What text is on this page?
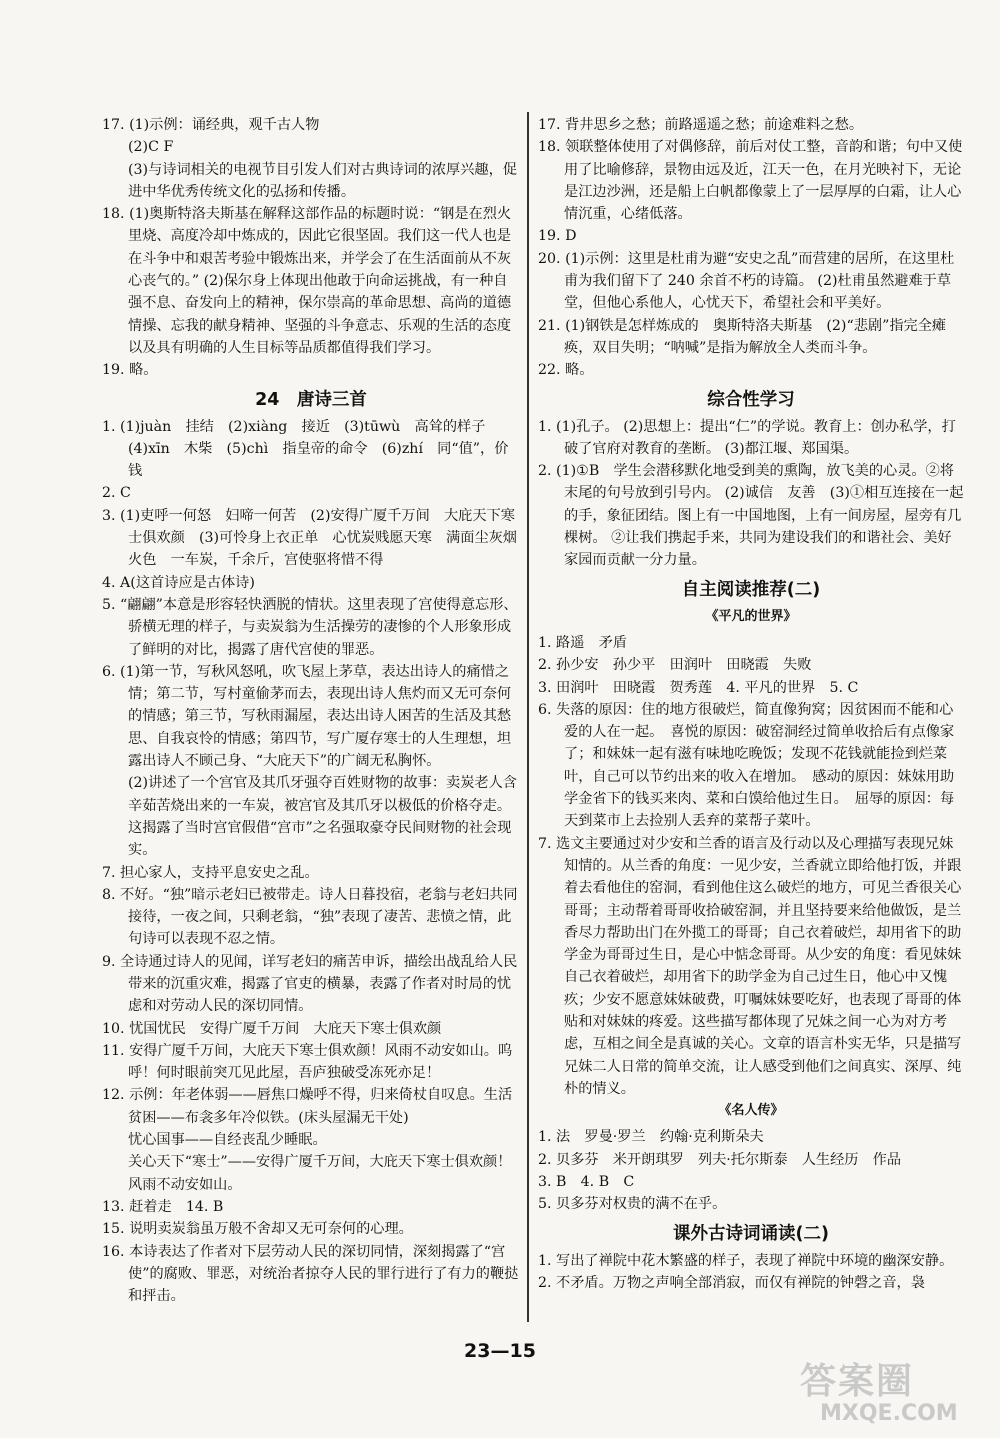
17. (1)示例：诵经典，观千古人物
(2)C F
(3)与诗词相关的电视节目引发人们对古典诗词的浓厚兴趣，促进中华优秀传统文化的弘扬和传播。
18. (1)奥斯特洛夫斯基在解释这部作品的标题时说：“钢是在烈火里烧、高度冷却中炼成的，因此它很坚固。我们这一代人也是在斗争中和艰苦考验中锻炼出来，并学会了在生活面前从不灰心丧气的。” (2)保尔身上体现出他敢于向命运挑战，有一种自强不息、奋发向上的精神，保尔崇高的革命思想、高尚的道德情操、忘我的献身精神、坚强的斗争意志、乐观的生活的态度以及具有明确的人生目标等品质都值得我们学习。
19. 略。
24　唐诗三首
1. (1)juàn　挂结　(2)xiàng　接近　(3)tūwù　高耸的样子　(4)xīn　木柴　(5)chì　指皇帝的命令　(6)zhí　同“值”，价钱
2. C
3. (1)吏呼一何怒　妇啼一何苦　(2)安得广厦千万间　大庇天下寒士俱欢颜　(3)可怜身上衣正单　心忧炭贱愿天寒　满面尘灰烟火色　一车炭，千余斤，宫使驱将惜不得
4. A(这首诗应是古体诗)
5. “翩翩”本意是形容轻快洒脱的情状。这里表现了宫使得意忘形、骄横无理的样子，与卖炭翁为生活操劳的凄惨的个人形象形成了鲜明的对比，揭露了唐代宫使的罪恶。
6. (1)第一节，写秋风怒吼，吹飞屋上茅草，表达出诗人的痛惜之情；第二节，写村童偷茅而去，表现出诗人焦灼而又无可奈何的情感；第三节，写秋雨漏屋，表达出诗人困苦的生活及其愁思、自我哀怜的情感；第四节，写广厦存寒士的人生理想，坦露出诗人不顾己身、“大庇天下”的广阔无私胸怀。
(2)讲述了一个宫官及其爪牙强夺百姓财物的故事：卖炭老人含辛茹苦烧出来的一车炭，被宫官及其爪牙以极低的价格夺走。　这揭露了当时宫官假借“宫市”之名强取豪夺民间财物的社会现实。
7. 担心家人，支持平息安史之乱。
8. 不好。“独”暗示老妇已被带走。诗人日暮投宿，老翁与老妇共同接待，一夜之间，只剩老翁，“独”表现了凄苦、悲愤之情，此句诗可以表现不忍之情。
9. 全诗通过诗人的见闻，详写老妇的痛苦申诉，描绘出战乱给人民带来的沉重灾难，揭露了官吏的横暴，表露了作者对时局的忧虑和对劳动人民的深切同情。
10. 忧国忧民　安得广厦千万间　大庇天下寒士俱欢颜
11. 安得广厦千万间，大庇天下寒士俱欢颜！风雨不动安如山。呜呼！何时眼前突兀见此屋，吾庐独破受冻死亦足！
12. 示例：年老体弱——唇焦口燥呼不得，归来倚杖自叹息。生活贫困——布衾多年冷似铁。(床头屋漏无干处)
忧心国事——自经丧乱少睡眠。
关心天下“寒士”——安得广厦千万间，大庇天下寒士俱欢颜！风雨不动安如山。
13. 赶着走　14. B
15. 说明卖炭翁虽万般不舍却又无可奈何的心理。
16. 本诗表达了作者对下层劳动人民的深切同情，深刻揭露了“宫使”的腐败、罪恶，对统治者掠夺人民的罪行进行了有力的鞭挞和抨击。
17. 背井思乡之愁；前路遥遥之愁；前途难料之愁。
18. 领联整体使用了对偶修辞，前后对仗工整，音韵和谐；句中又使用了比喻修辞，景物由远及近，江天一色，在月光映衬下，无论是江边沙洲，还是船上白帆都像蒙上了一层厚厚的白霜，让人心情沉重，心绪低落。
19. D
20. (1)示例：这里是杜甫为避“安史之乱”而营建的居所，在这里杜甫为我们留下了 240 余首不朽的诗篇。 (2)杜甫虽然避难于草堂，但他心系他人，心忧天下，希望社会和平美好。
21. (1)钢铁是怎样炼成的　奥斯特洛夫斯基　(2)“悲剧”指完全瘫痪，双目失明；“呐喊”是指为解放全人类而斗争。
22. 略。
综合性学习
1. (1)孔子。 (2)思想上：提出“仁”的学说。教育上：创办私学，打破了官府对教育的垄断。 (3)都江堰、郑国渠。
2. (1)①B　学生会潜移默化地受到美的熏陶，放飞美的心灵。②将末尾的句号放到引号内。 (2)诚信　友善　(3)①相互连接在一起的手，象征团结。图上有一中国地图，上有一间房屋，屋旁有几棵树。 ②让我们携起手来，共同为建设我们的和谐社会、美好家园而贡献一分力量。
自主阅读推荐(二)
《平凡的世界》
1. 路遥　矛盾
2. 孙少安　孙少平　田润叶　田晓霞　失败
3. 田润叶　田晓霞　贺秀莲　4. 平凡的世界　5. C
6. 失落的原因：住的地方很破烂，简直像狗窝；因贫困而不能和心爱的人在一起。　喜悦的原因：破窑洞经过简单收拾后有点像家了；和妹妹一起有滋有味地吃晚饭；发现不花钱就能捡到烂菜叶，自己可以节约出来的收入在增加。　感动的原因：妹妹用助学金省下的钱买来肉、菜和白馍给他过生日。　屈辱的原因：每天到菜市上去捡别人丢弃的菜帮子菜叶。
7. 选文主要通过对少安和兰香的语言及行动以及心理描写表现兄妹知情的。从兰香的角度：一见少安，兰香就立即给他打饭，并跟着去看他住的窑洞，看到他住这么破烂的地方，可见兰香很关心哥哥；主动帮着哥哥收拾破窑洞，并且坚持要来给他做饭，是兰香尽力帮助出门在外揽工的哥哥；自己衣着破烂，却用省下的助学金为哥哥过生日，是心中惦念哥哥。从少安的角度：看见妹妹自己衣着破烂，却用省下的助学金为自己过生日，他心中又愧疚；少安不愿意妹妹破费，叮嘱妹妹要吃好，也表现了哥哥的体贴和对妹妹的疼爱。这些描写都体现了兄妹之间一心为对方考虑，互相之间全是真诚的关心。文章的语言朴实无华，只是描写兄妹二人日常的简单交流，让人感受到他们之间真实、深厚、纯朴的情义。
《名人传》
1. 法　罗曼·罗兰　约翰·克利斯朵夫
2. 贝多芬　米开朗琪罗　列夫·托尔斯泰　人生经历　作品
3. B　4. B　C
5. 贝多芬对权贵的满不在乎。
课外古诗词诵读(二)
1. 写出了禅院中花木繁盛的样子，表现了禅院中环境的幽深安静。
2. 不矛盾。万物之声响全部消寂，而仅有禅院的钟磬之音，袅
23—15
答案圈
MXQE.COM
